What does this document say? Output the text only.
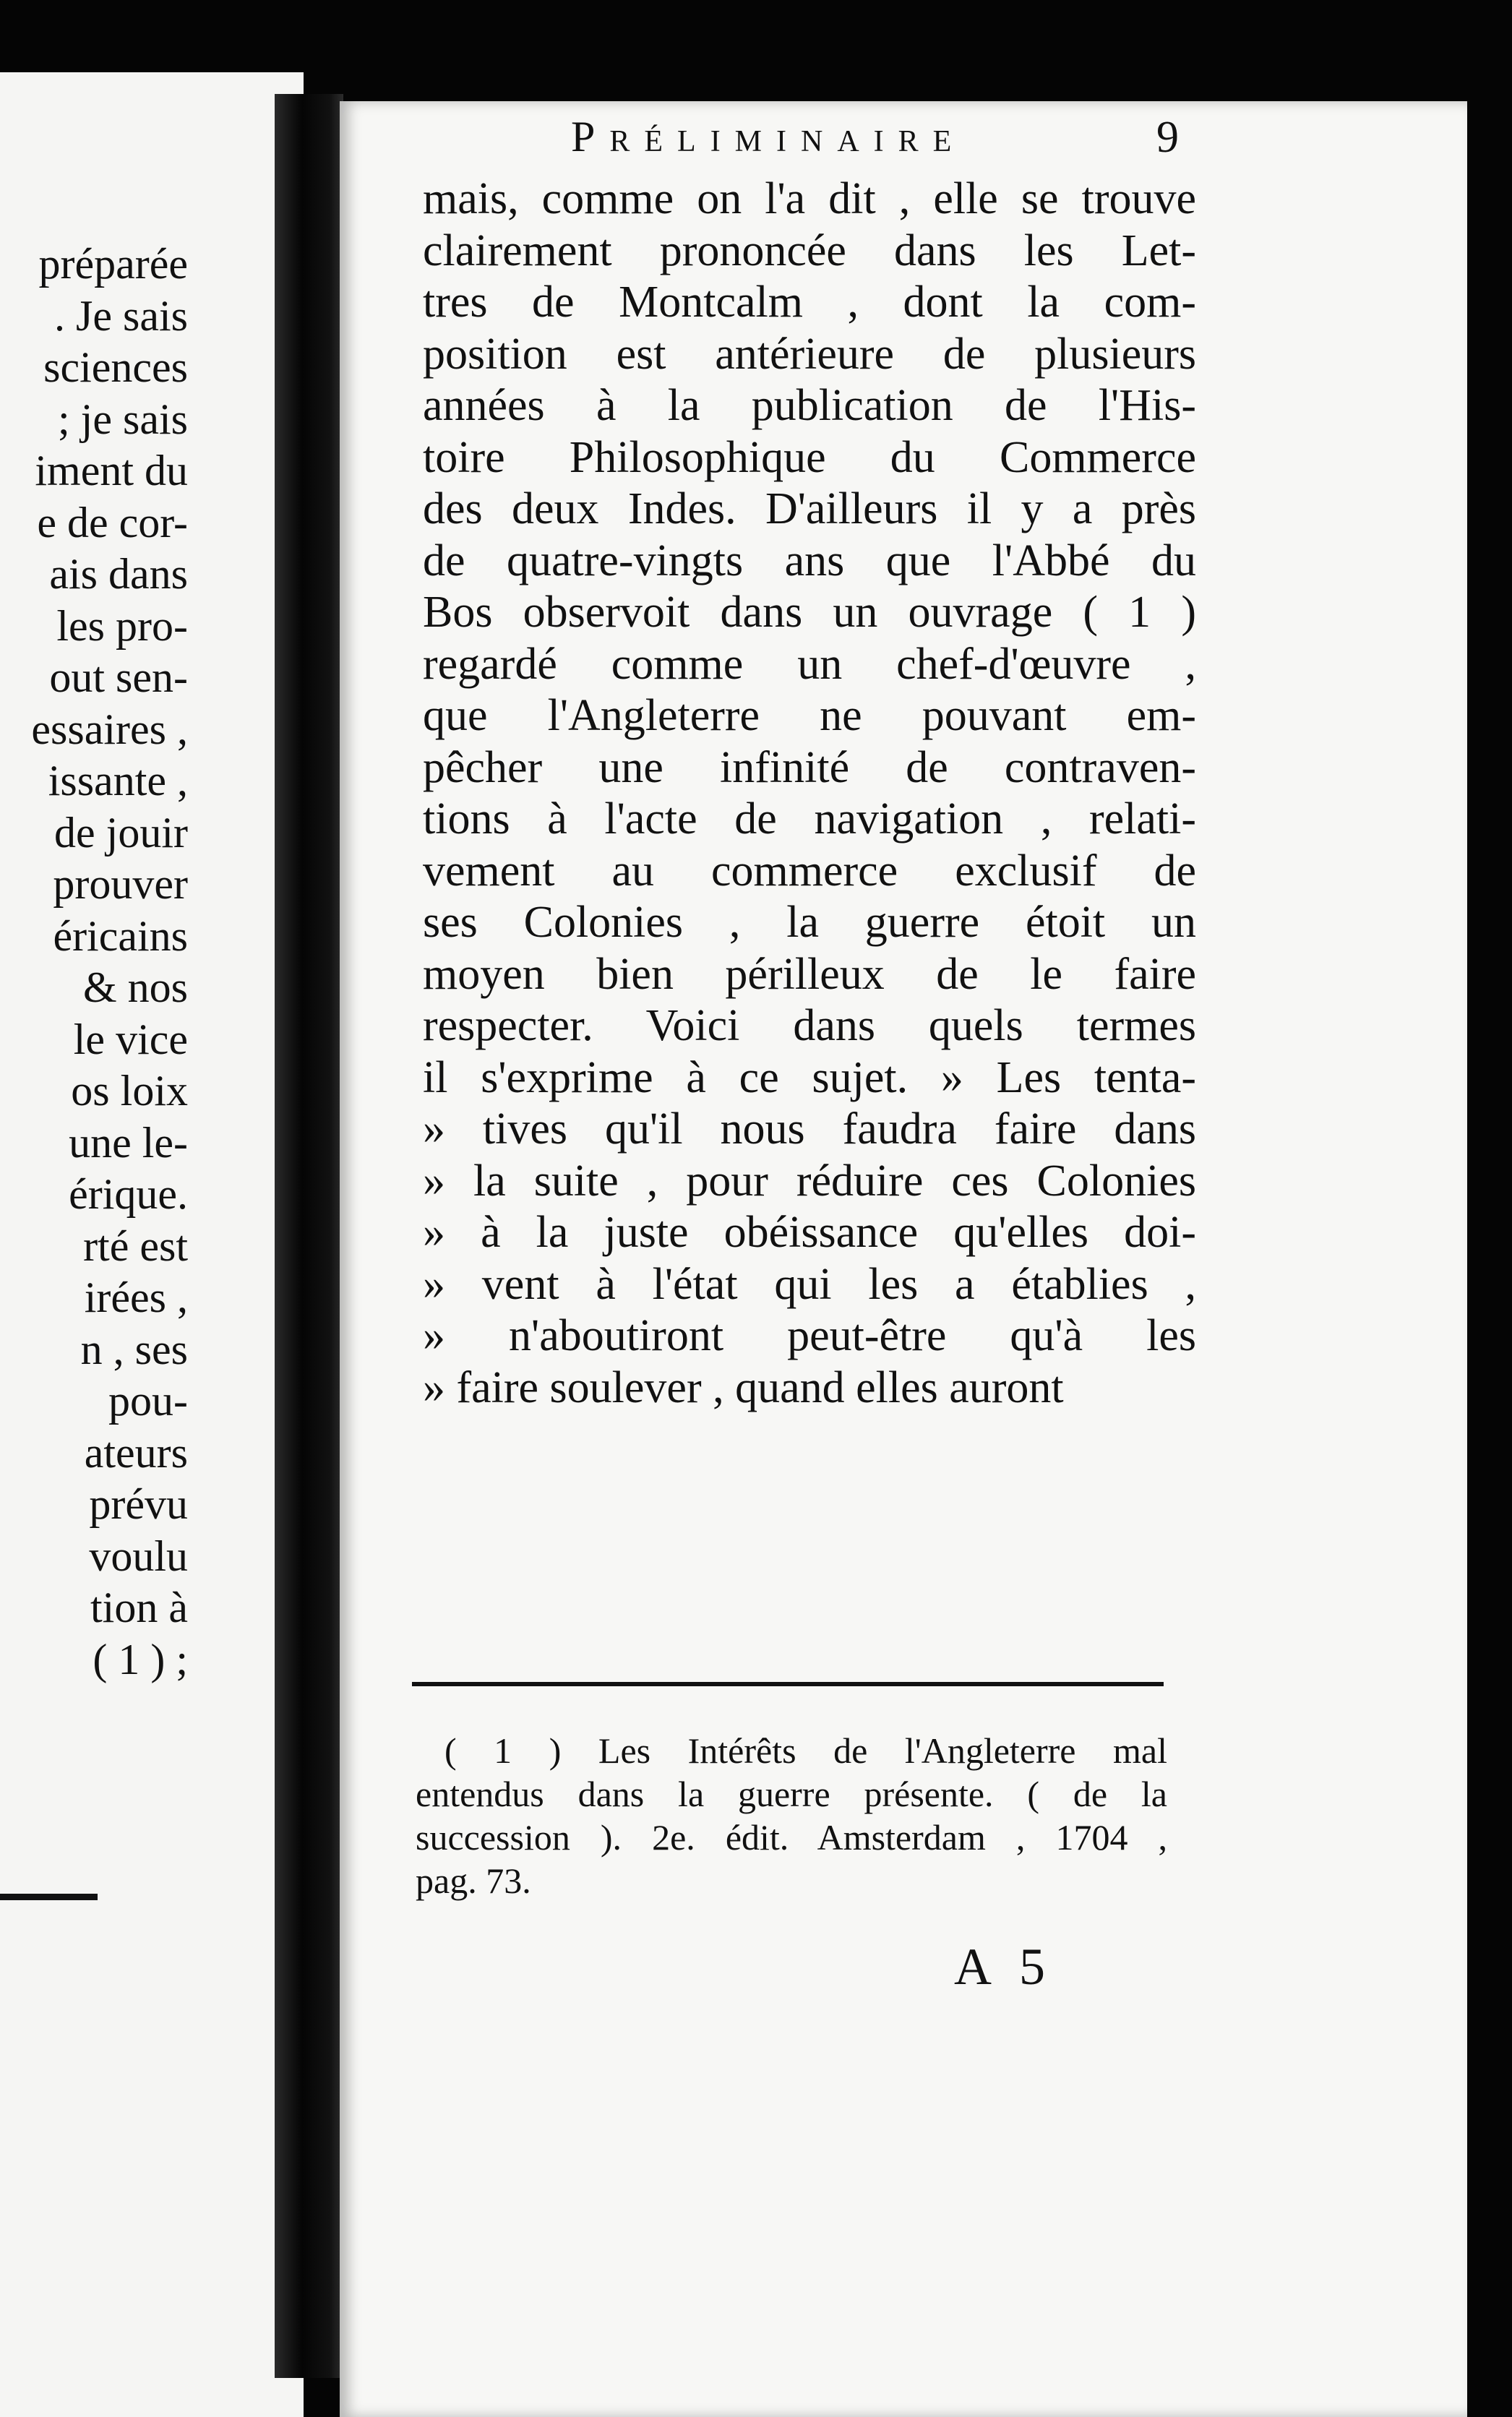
préparée
. Je sais
sciences
; je sais
iment du
e de cor-
ais dans
les pro-
out sen-
essaires ,
issante ,
de jouir
prouver
éricains
& nos
le vice
os loix
une le-
érique.
rté est
irées ,
n , ses
pou-
ateurs
prévu
voulu
tion à
( 1 ) ;
Préliminaire	9
mais, comme on l'a dit , elle se trouve
clairement prononcée dans les Let-
tres de Montcalm , dont la com-
position est antérieure de plusieurs
années à la publication de l'His-
toire Philosophique du Commerce
des deux Indes. D'ailleurs il y a près
de quatre-vingts ans que l'Abbé du
Bos observoit dans un ouvrage ( 1 )
regardé comme un chef-d'œuvre ,
que l'Angleterre ne pouvant em-
pêcher une infinité de contraven-
tions à l'acte de navigation , relati-
vement au commerce exclusif de
ses Colonies , la guerre étoit un
moyen bien périlleux de le faire
respecter. Voici dans quels termes
il s'exprime à ce sujet. » Les tenta-
» tives qu'il nous faudra faire dans
» la suite , pour réduire ces Colonies
» à la juste obéissance qu'elles doi-
» vent à l'état qui les a établies ,
» n'aboutiront peut-être qu'à les
» faire soulever , quand elles auront
( 1 ) Les Intérêts de l'Angleterre mal
entendus dans la guerre présente. ( de la
succession ). 2e. édit. Amsterdam , 1704 ,
pag. 73.
A 5
